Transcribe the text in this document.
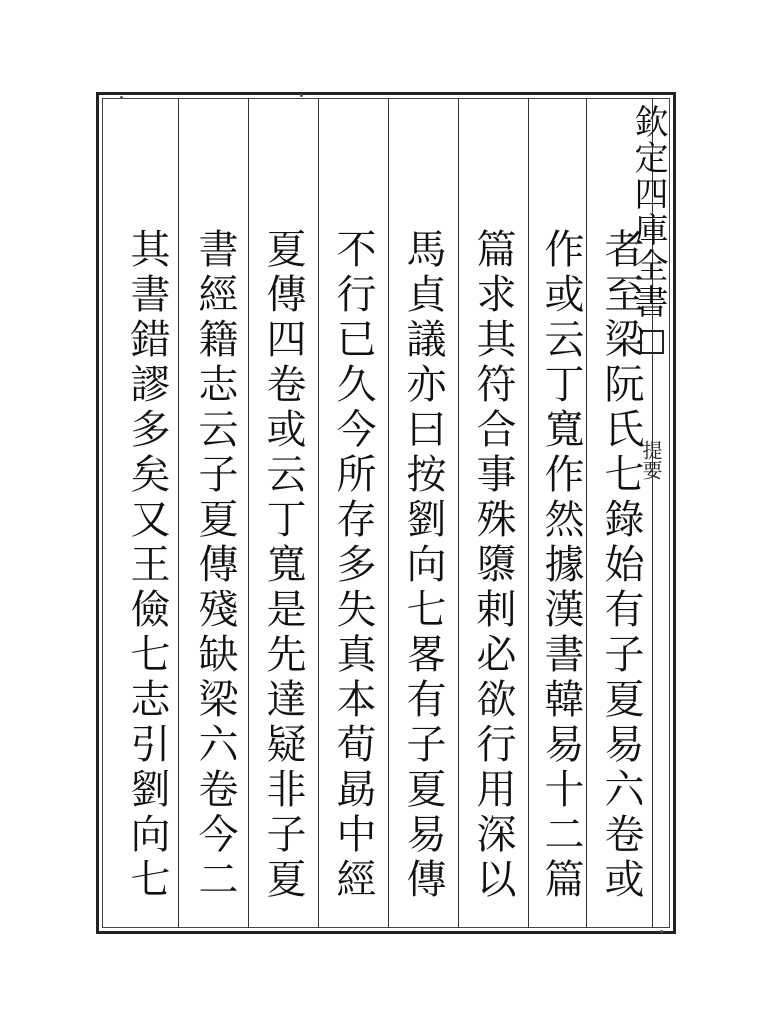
欽定四庫全書
提要
者至梁阮氏七錄始有子夏易六卷或
作或云丁寬作然據漢書韓易十二篇
篇求其符合事殊隳剌必欲行用深以
馬貞議亦曰按劉向七畧有子夏易傳
不行已久今所存多失真本荀勗中經
夏傳四卷或云丁寬是先達疑非子夏
書經籍志云子夏傳殘缺梁六卷今二
其書錯謬多矣又王儉七志引劉向七
